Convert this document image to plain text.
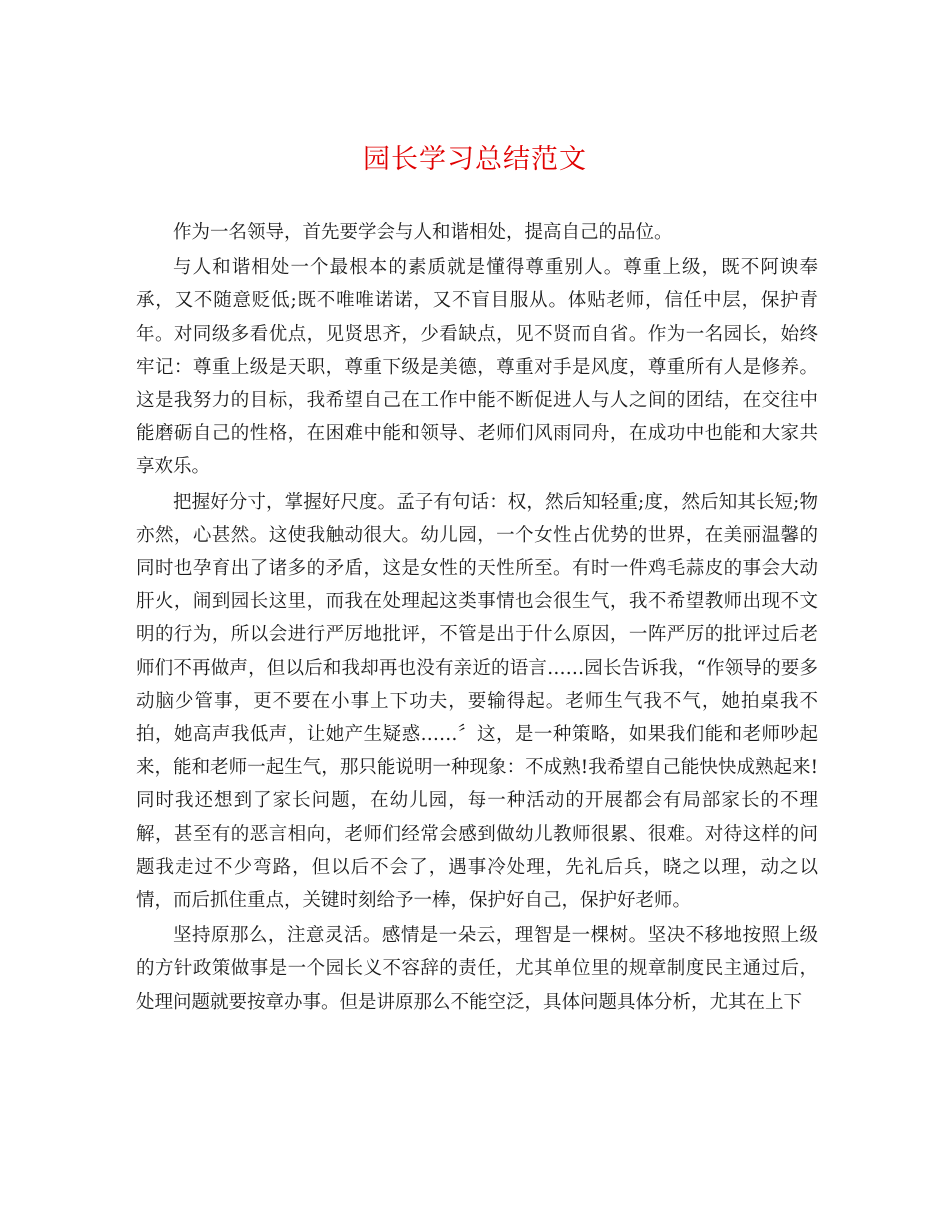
园长学习总结范文

作为一名领导，首先要学会与人和谐相处，提高自己的品位。

与人和谐相处一个最根本的素质就是懂得尊重别人。尊重上级，既不阿谀奉承，又不随意贬低;既不唯唯诺诺，又不盲目服从。体贴老师，信任中层，保护青年。对同级多看优点，见贤思齐，少看缺点，见不贤而自省。作为一名园长，始终牢记：尊重上级是天职，尊重下级是美德，尊重对手是风度，尊重所有人是修养。这是我努力的目标，我希望自己在工作中能不断促进人与人之间的团结，在交往中能磨砺自己的性格，在困难中能和领导、老师们风雨同舟，在成功中也能和大家共享欢乐。

把握好分寸，掌握好尺度。孟子有句话：权，然后知轻重;度，然后知其长短;物亦然，心甚然。这使我触动很大。幼儿园，一个女性占优势的世界，在美丽温馨的同时也孕育出了诸多的矛盾，这是女性的天性所至。有时一件鸡毛蒜皮的事会大动肝火，闹到园长这里，而我在处理起这类事情也会很生气，我不希望教师出现不文明的行为，所以会进行严厉地批评，不管是出于什么原因，一阵严厉的批评过后老师们不再做声，但以后和我却再也没有亲近的语言……园长告诉我，“作领导的要多动脑少管事，更不要在小事上下功夫，要输得起。老师生气我不气，她拍桌我不拍，她高声我低声，让她产生疑惑……〞这，是一种策略，如果我们能和老师吵起来，能和老师一起生气，那只能说明一种现象：不成熟!我希望自己能快快成熟起来!同时我还想到了家长问题，在幼儿园，每一种活动的开展都会有局部家长的不理解，甚至有的恶言相向，老师们经常会感到做幼儿教师很累、很难。对待这样的问题我走过不少弯路，但以后不会了，遇事冷处理，先礼后兵，晓之以理，动之以情，而后抓住重点，关键时刻给予一棒，保护好自己，保护好老师。

坚持原那么，注意灵活。感情是一朵云，理智是一棵树。坚决不移地按照上级的方针政策做事是一个园长义不容辞的责任，尤其单位里的规章制度民主通过后，处理问题就要按章办事。但是讲原那么不能空泛，具体问题具体分析，尤其在上下
